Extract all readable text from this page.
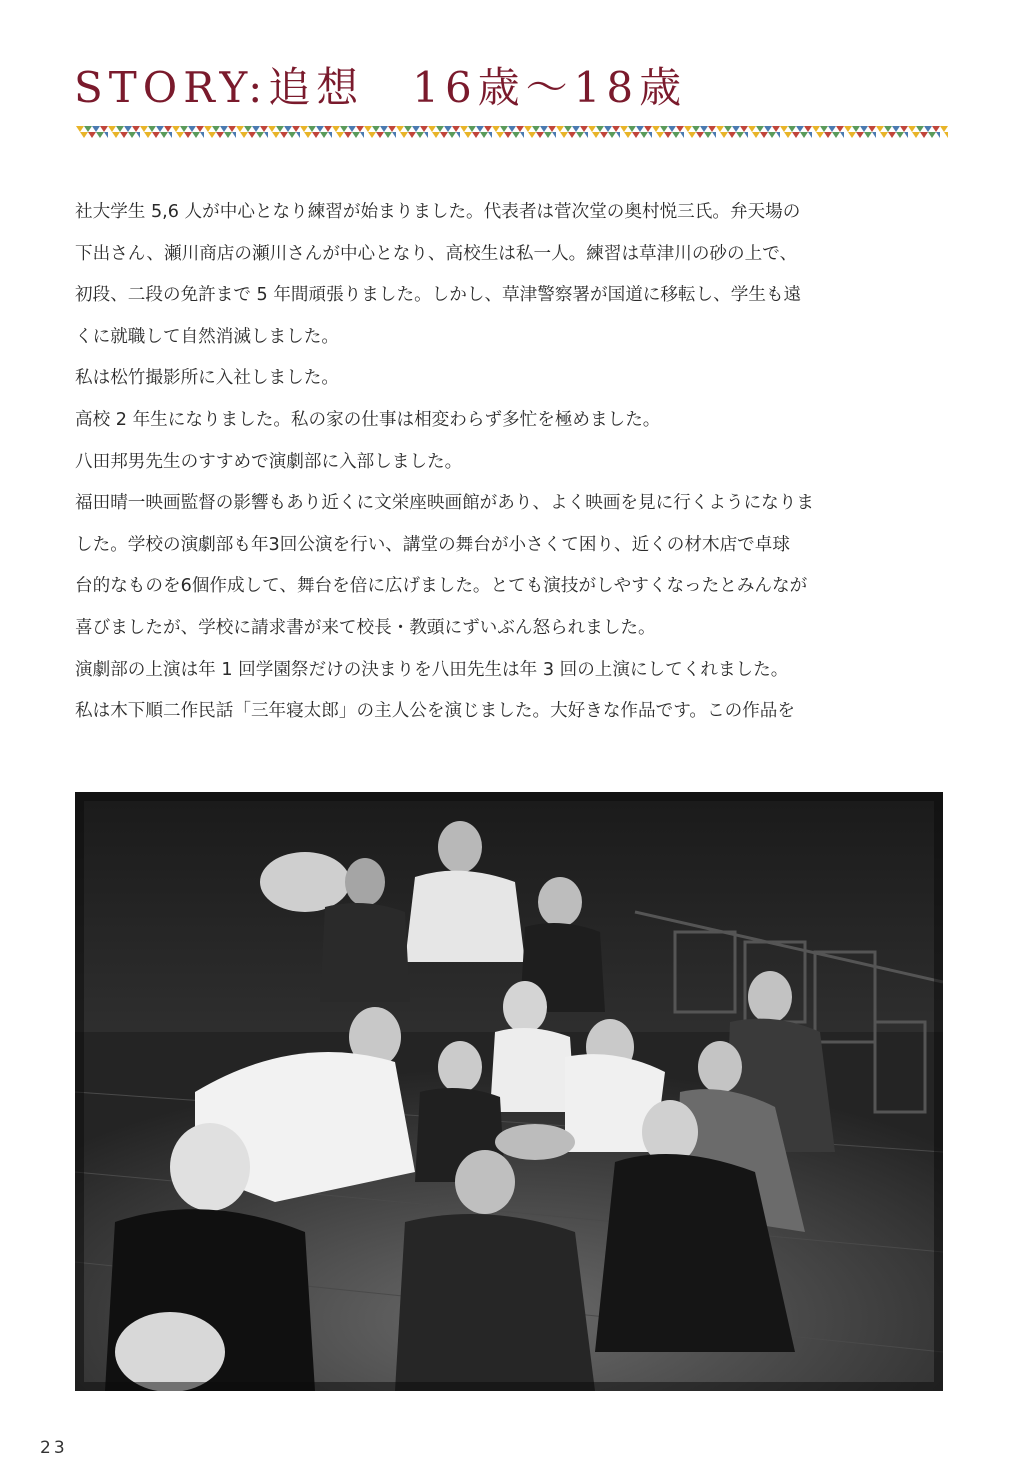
STORY:追想　16歳～18歳

社大学生 5,6 人が中心となり練習が始まりました。代表者は菅次堂の奥村悦三氏。弁天場の

下出さん、瀬川商店の瀬川さんが中心となり、高校生は私一人。練習は草津川の砂の上で、

初段、二段の免許まで 5 年間頑張りました。しかし、草津警察署が国道に移転し、学生も遠

くに就職して自然消滅しました。

私は松竹撮影所に入社しました。

高校 2 年生になりました。私の家の仕事は相変わらず多忙を極めました。

八田邦男先生のすすめで演劇部に入部しました。

福田晴一映画監督の影響もあり近くに文栄座映画館があり、よく映画を見に行くようになりま

した。学校の演劇部も年3回公演を行い、講堂の舞台が小さくて困り、近くの材木店で卓球

台的なものを6個作成して、舞台を倍に広げました。とても演技がしやすくなったとみんなが

喜びましたが、学校に請求書が来て校長・教頭にずいぶん怒られました。

演劇部の上演は年 1 回学園祭だけの決まりを八田先生は年 3 回の上演にしてくれました。

私は木下順二作民話「三年寝太郎」の主人公を演じました。大好きな作品です。この作品を

23
